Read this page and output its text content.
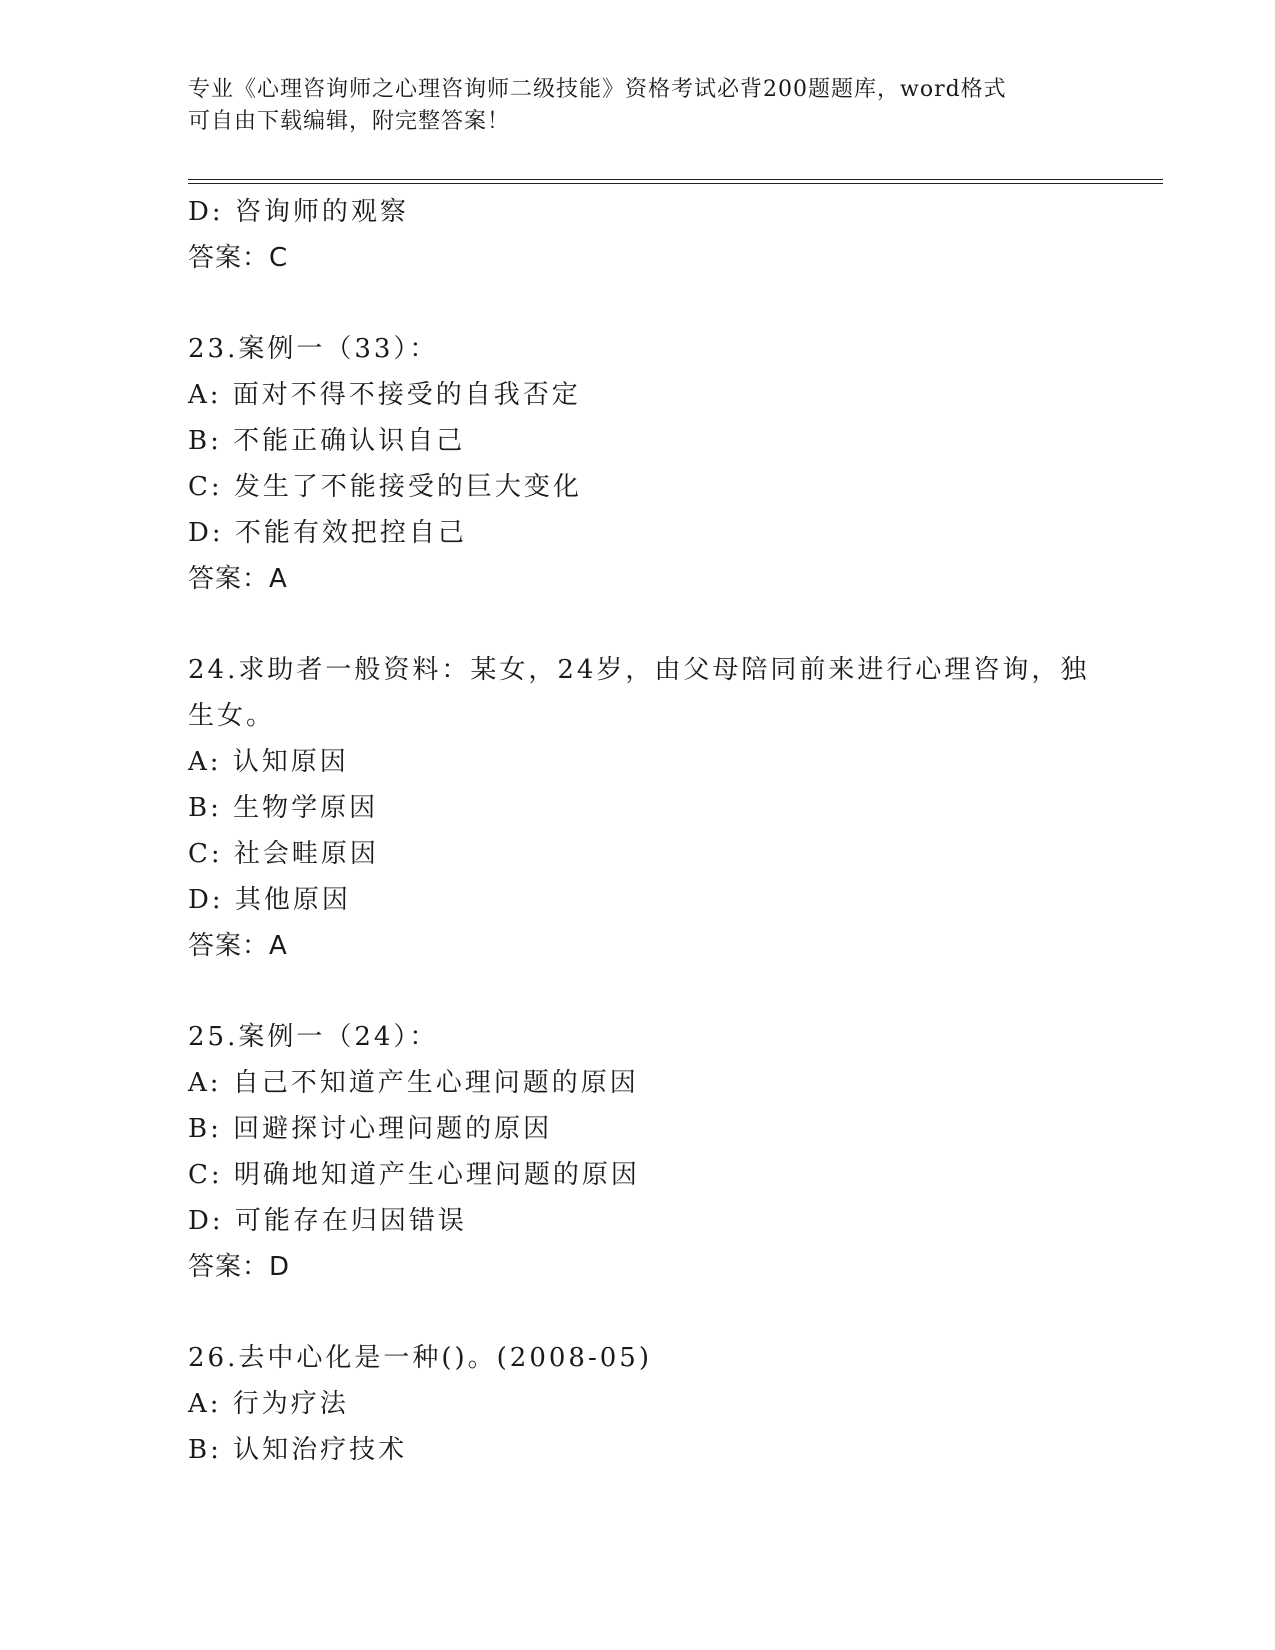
专业《心理咨询师之心理咨询师二级技能》资格考试必背200题题库，word格式
可自由下载编辑，附完整答案！
D: 咨询师的观察
答案：C
23.案例一（33）：
A: 面对不得不接受的自我否定
B: 不能正确认识自己
C: 发生了不能接受的巨大变化
D: 不能有效把控自己
答案：A
24.求助者一般资料：某女，24岁，由父母陪同前来进行心理咨询，独
生女。
A: 认知原因
B: 生物学原因
C: 社会畦原因
D: 其他原因
答案：A
25.案例一（24）：
A: 自己不知道产生心理问题的原因
B: 回避探讨心理问题的原因
C: 明确地知道产生心理问题的原因
D: 可能存在归因错误
答案：D
26.去中心化是一种()。(2008-05)
A: 行为疗法
B: 认知治疗技术
